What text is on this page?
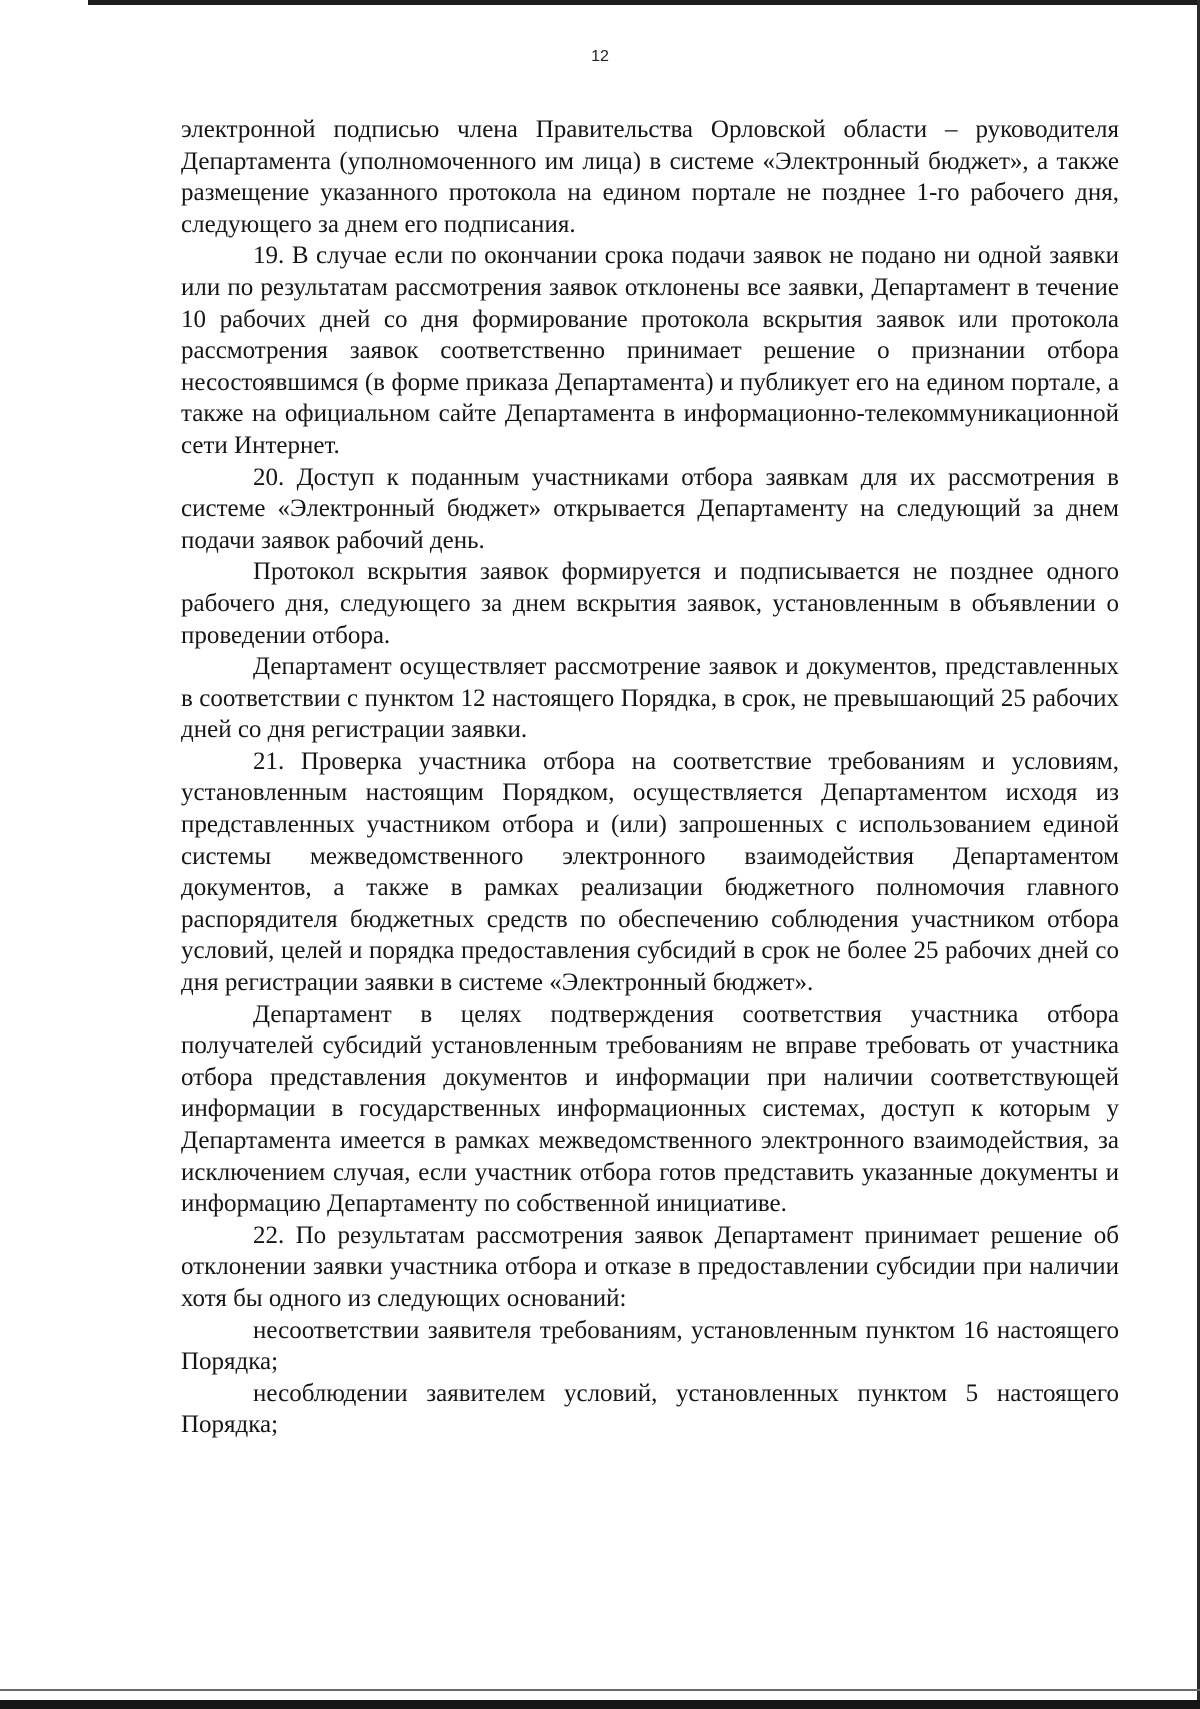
12

электронной подписью члена Правительства Орловской области – руководителя Департамента (уполномоченного им лица) в системе «Электронный бюджет», а также размещение указанного протокола на едином портале не позднее 1-го рабочего дня, следующего за днем его подписания.

19. В случае если по окончании срока подачи заявок не подано ни одной заявки или по результатам рассмотрения заявок отклонены все заявки, Департамент в течение 10 рабочих дней со дня формирование протокола вскрытия заявок или протокола рассмотрения заявок соответственно принимает решение о признании отбора несостоявшимся (в форме приказа Департамента) и публикует его на едином портале, а также на официальном сайте Департамента в информационно-телекоммуникационной сети Интернет.

20. Доступ к поданным участниками отбора заявкам для их рассмотрения в системе «Электронный бюджет» открывается Департаменту на следующий за днем подачи заявок рабочий день.

Протокол вскрытия заявок формируется и подписывается не позднее одного рабочего дня, следующего за днем вскрытия заявок, установленным в объявлении о проведении отбора.

Департамент осуществляет рассмотрение заявок и документов, представленных в соответствии с пунктом 12 настоящего Порядка, в срок, не превышающий 25 рабочих дней со дня регистрации заявки.

21. Проверка участника отбора на соответствие требованиям и условиям, установленным настоящим Порядком, осуществляется Департаментом исходя из представленных участником отбора и (или) запрошенных с использованием единой системы межведомственного электронного взаимодействия Департаментом документов, а также в рамках реализации бюджетного полномочия главного распорядителя бюджетных средств по обеспечению соблюдения участником отбора условий, целей и порядка предоставления субсидий в срок не более 25 рабочих дней со дня регистрации заявки в системе «Электронный бюджет».

Департамент в целях подтверждения соответствия участника отбора получателей субсидий установленным требованиям не вправе требовать от участника отбора представления документов и информации при наличии соответствующей информации в государственных информационных системах, доступ к которым у Департамента имеется в рамках межведомственного электронного взаимодействия, за исключением случая, если участник отбора готов представить указанные документы и информацию Департаменту по собственной инициативе.

22. По результатам рассмотрения заявок Департамент принимает решение об отклонении заявки участника отбора и отказе в предоставлении субсидии при наличии хотя бы одного из следующих оснований:

несоответствии заявителя требованиям, установленным пунктом 16 настоящего Порядка;

несоблюдении заявителем условий, установленных пунктом 5 настоящего Порядка;
